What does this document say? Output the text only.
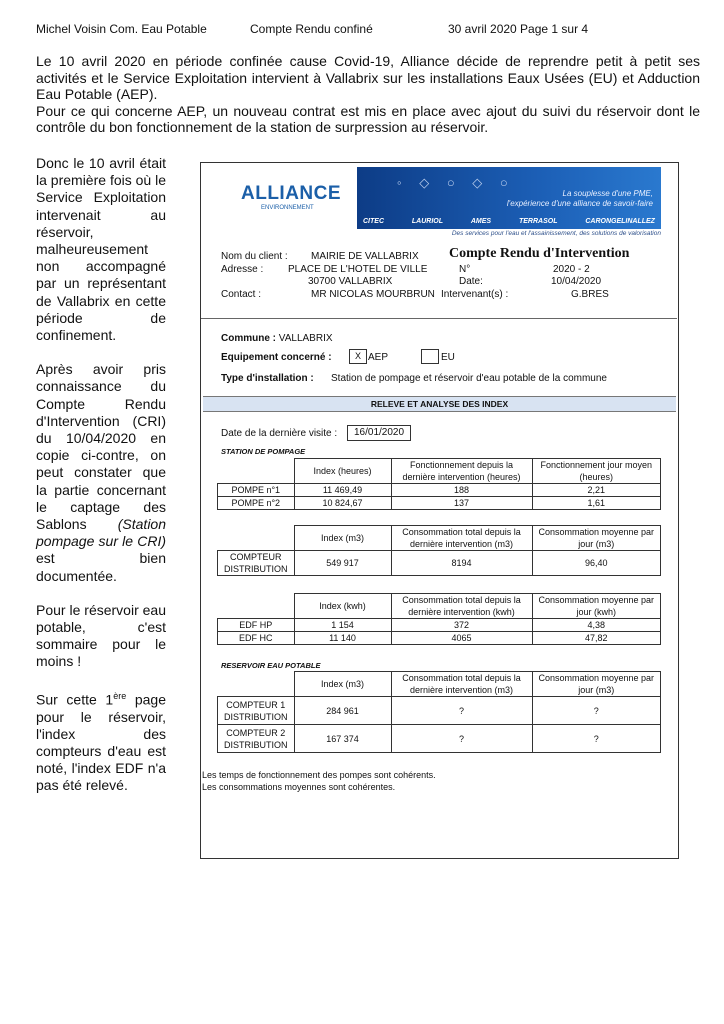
Michel Voisin Com. Eau Potable	Compte Rendu confiné	30 avril 2020 Page 1 sur 4

Le 10 avril 2020 en période confinée cause Covid-19, Alliance décide de reprendre petit à petit ses activités et le Service Exploitation intervient à Vallabrix sur les installations Eaux Usées (EU) et Adduction Eau Potable (AEP).

Pour ce qui concerne AEP, un nouveau contrat est mis en place avec ajout du suivi du réservoir dont le contrôle du bon fonctionnement de la station de surpression au réservoir.

Donc le 10 avril était la première fois où le Service Exploitation intervenait au réservoir, malheureusement non accompagné par un représentant de Vallabrix en cette période de confinement.

Après avoir pris connaissance du Compte Rendu d'Intervention (CRI) du 10/04/2020 en copie ci-contre, on peut constater que la partie concernant le captage des Sablons (Station pompage sur le CRI) est bien documentée.

Pour le réservoir eau potable, c'est sommaire pour le moins !

Sur cette 1ère page pour le réservoir, l'index des compteurs d'eau est noté, l'index EDF n'a pas été relevé.

ALLIANCE
ENVIRONNEMENT
◦ ◇ ○ ◇ ○
La souplesse d'une PME,
l'expérience d'une alliance de savoir-faire
CITEC	LAURIOL	AMES	TERRASOL	CARONGELINALLEZ
Des services pour l'eau et l'assainissement, des solutions de valorisation
Nom du client : MAIRIE DE VALLABRIX Compte Rendu d'Intervention
Adresse : PLACE DE L'HOTEL DE VILLE
30700 VALLABRIX
N°	2020 - 2
Date:	10/04/2020
Contact :	MR NICOLAS MOURBRUN Intervenant(s) :	G.BRES
Commune : VALLABRIX
Equipement concerné :	X AEP	EU
Type d'installation : Station de pompage et réservoir d'eau potable de la commune
RELEVE ET ANALYSE DES INDEX
Date de la dernière visite :	16/01/2020
STATION DE POMPAGE
	Index (heures)	Fonctionnement depuis la dernière intervention (heures)	Fonctionnement jour moyen (heures)
POMPE n°1	11 469,49	188	2,21
POMPE n°2	10 824,67	137	1,61
	Index (m3)	Consommation total depuis la dernière intervention (m3)	Consommation moyenne par jour (m3)
COMPTEUR DISTRIBUTION	549 917	8194	96,40
	Index (kwh)	Consommation total depuis la dernière intervention (kwh)	Consommation moyenne par jour (kwh)
EDF HP	1 154	372	4,38
EDF HC	11 140	4065	47,82
RESERVOIR EAU POTABLE
	Index (m3)	Consommation total depuis la dernière intervention (m3)	Consommation moyenne par jour (m3)
COMPTEUR 1 DISTRIBUTION	284 961	?	?
COMPTEUR 2 DISTRIBUTION	167 374	?	?
Les temps de fonctionnement des pompes sont cohérents.
Les consommations moyennes sont cohérentes.
